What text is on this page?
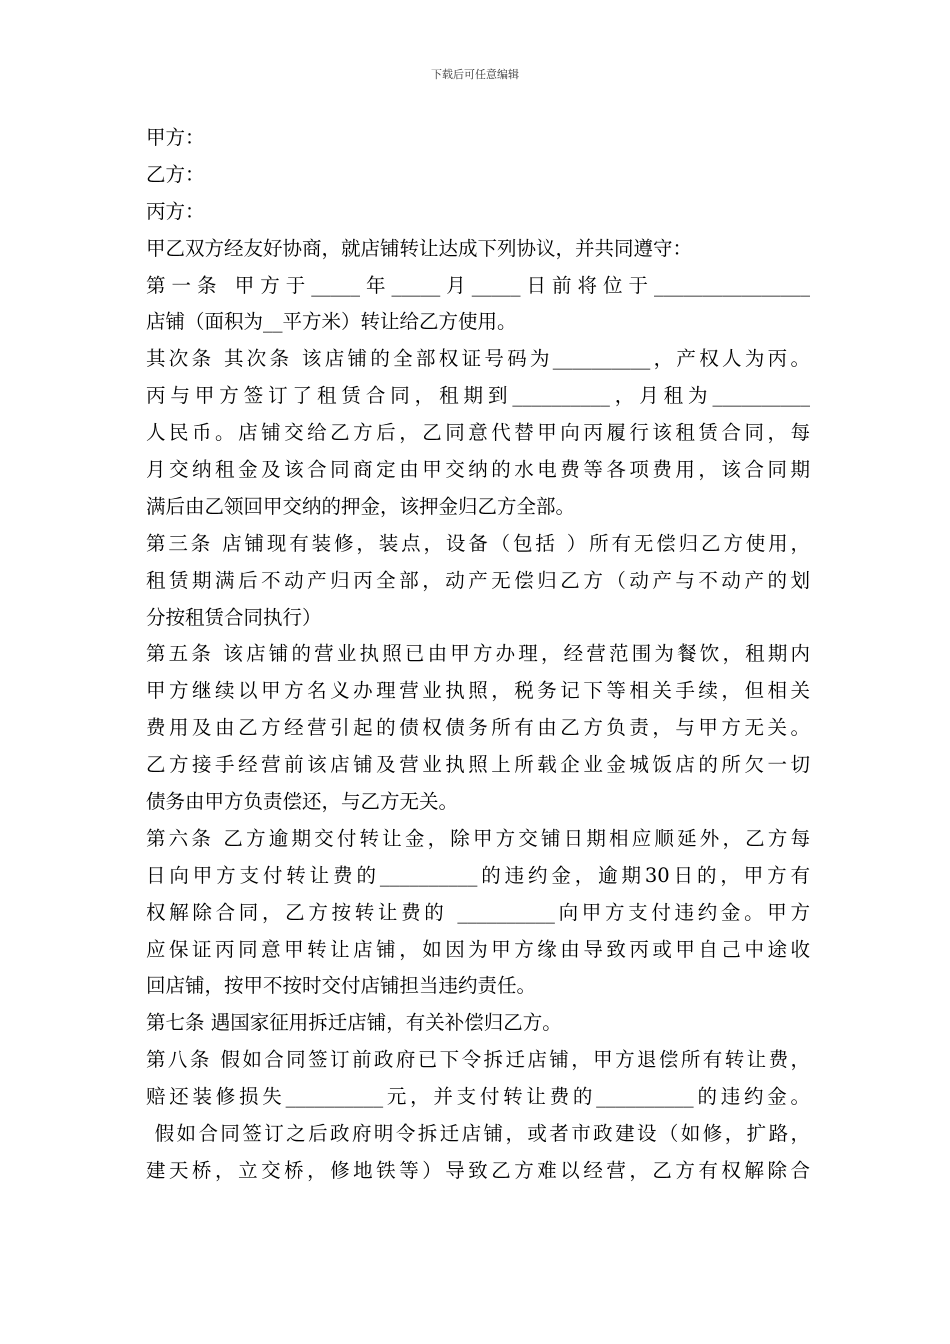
下载后可任意编辑
甲方：
乙方：
丙方：
甲乙双方经友好协商，就店铺转让达成下列协议，并共同遵守：
第一条 甲方于_____年_____月_____日前将位于________________
店铺（面积为__平方米）转让给乙方使用。
其次条 其次条 该店铺的全部权证号码为__________，产权人为丙。
丙与甲方签订了租赁合同，租期到__________，月租为__________
人民币。店铺交给乙方后，乙同意代替甲向丙履行该租赁合同，每
月交纳租金及该合同商定由甲交纳的水电费等各项费用，该合同期
满后由乙领回甲交纳的押金，该押金归乙方全部。
第三条 店铺现有装修，装点，设备（包括 ）所有无偿归乙方使用，
租赁期满后不动产归丙全部，动产无偿归乙方（动产与不动产的划
分按租赁合同执行）
第五条 该店铺的营业执照已由甲方办理，经营范围为餐饮，租期内
甲方继续以甲方名义办理营业执照，税务记下等相关手续，但相关
费用及由乙方经营引起的债权债务所有由乙方负责，与甲方无关。
乙方接手经营前该店铺及营业执照上所载企业金城饭店的所欠一切
债务由甲方负责偿还，与乙方无关。
第六条 乙方逾期交付转让金，除甲方交铺日期相应顺延外，乙方每
日向甲方支付转让费的__________的违约金，逾期30日的，甲方有
权解除合同，乙方按转让费的 __________向甲方支付违约金。甲方
应保证丙同意甲转让店铺，如因为甲方缘由导致丙或甲自己中途收
回店铺，按甲不按时交付店铺担当违约责任。
第七条 遇国家征用拆迁店铺，有关补偿归乙方。
第八条 假如合同签订前政府已下令拆迁店铺，甲方退偿所有转让费，
赔还装修损失__________元，并支付转让费的__________的违约金。
假如合同签订之后政府明令拆迁店铺，或者市政建设（如修，扩路，
建天桥，立交桥，修地铁等）导致乙方难以经营，乙方有权解除合
